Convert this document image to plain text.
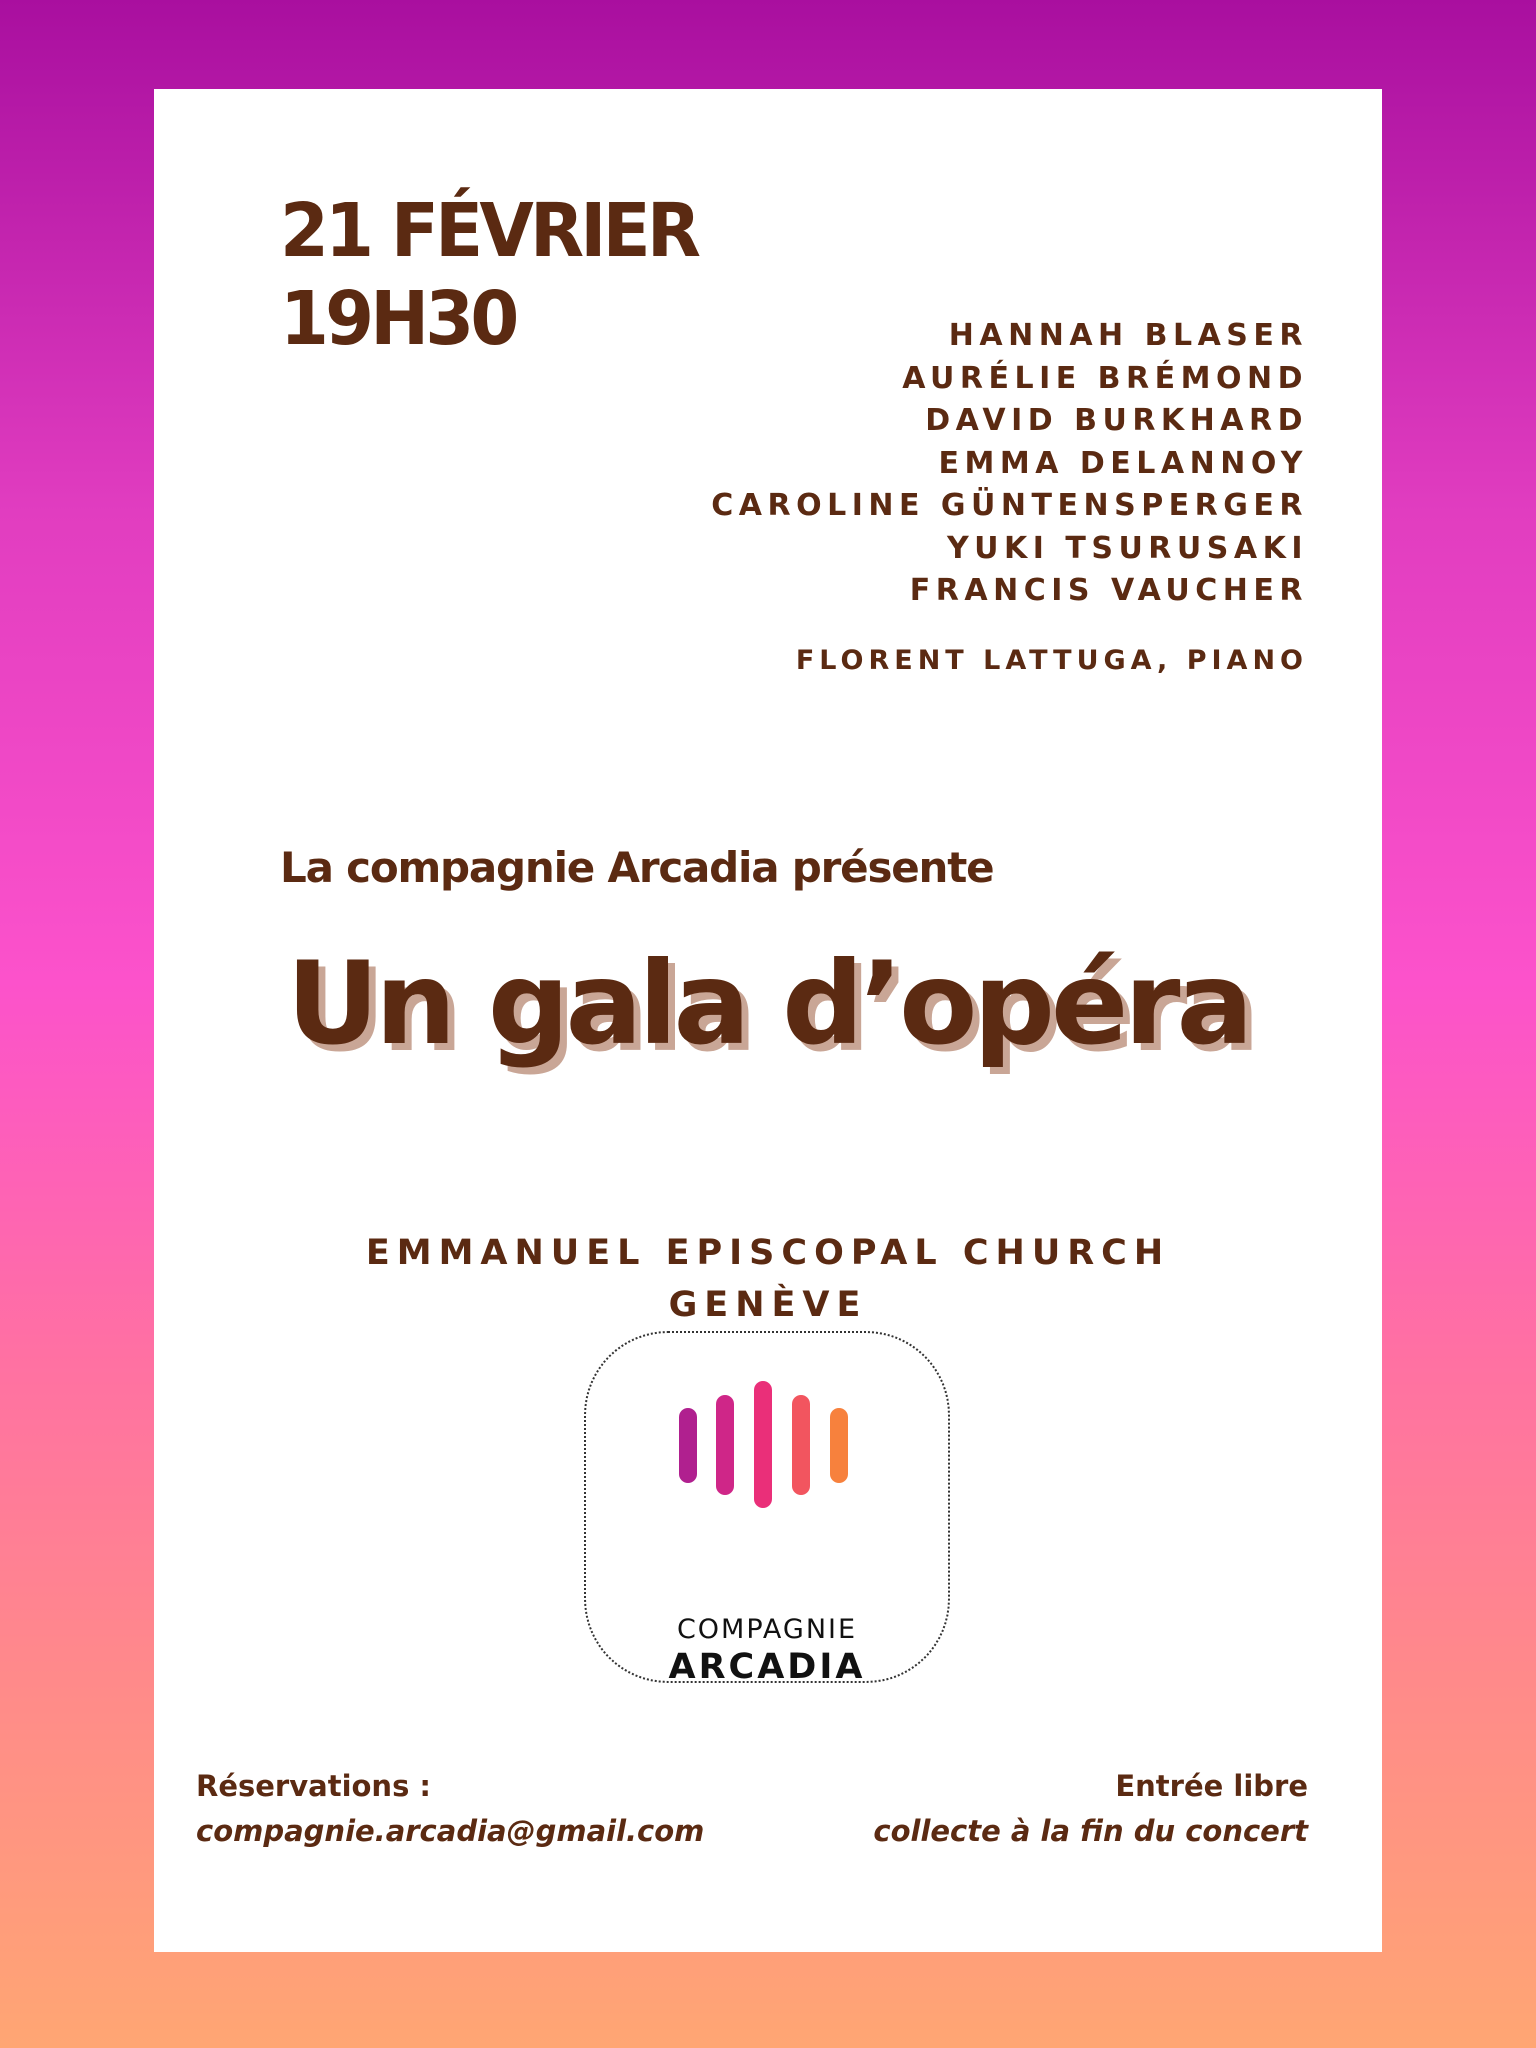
21 FÉVRIER
19H30	HANNAH BLASER
AURÉLIE BRÉMOND
DAVID BURKHARD
EMMA DELANNOY
CAROLINE GÜNTENSPERGER
YUKI TSURUSAKI
FRANCIS VAUCHER

FLORENT LATTUGA, PIANO

La compagnie Arcadia présente

Un gala d’opéra
EMMANUEL EPISCOPAL CHURCH
GENÈVE

COMPAGNIE

ARCADIA

Réservations :
compagnie.arcadia@gmail.com
Entrée libre
collecte à la fin du concert
